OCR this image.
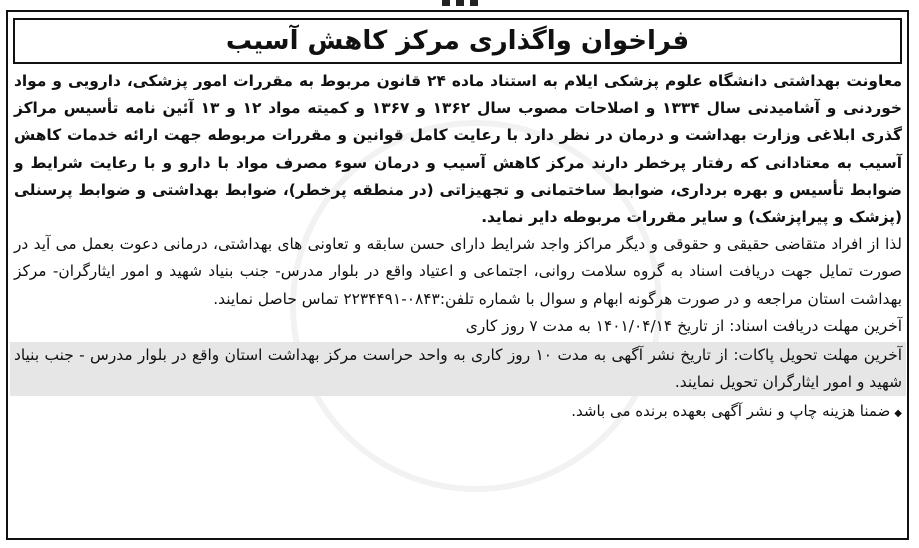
فراخوان واگذاری مرکز کاهش آسیب

معاونت بهداشتی دانشگاه علوم پزشکی ایلام به استناد ماده ۲۴ قانون مربوط به مقررات امور پزشکی، دارویی و مواد خوردنی و آشامیدنی سال ۱۳۳۴ و اصلاحات مصوب سال ۱۳۶۲ و ۱۳۶۷ و کمیته مواد ۱۲ و ۱۳ آئین نامه تأسیس مراکز گذری ابلاغی وزارت بهداشت و درمان در نظر دارد با رعایت کامل قوانین و مقررات مربوطه جهت ارائه خدمات کاهش آسیب به معتادانی که رفتار پرخطر دارند مرکز کاهش آسیب و درمان سوء مصرف مواد با دارو و با رعایت شرایط و ضوابط تأسیس و بهره برداری، ضوابط ساختمانی و تجهیزاتی (در منطقه پرخطر)، ضوابط بهداشتی و ضوابط پرسنلی (پزشک و پیراپزشک) و سایر مقررات مربوطه دایر نماید.

لذا از افراد متقاضی حقیقی و حقوقی و دیگر مراکز واجد شرایط دارای حسن سابقه و تعاونی های بهداشتی، درمانی دعوت بعمل می آید در صورت تمایل جهت دریافت اسناد به گروه سلامت روانی، اجتماعی و اعتیاد واقع در بلوار مدرس- جنب بنیاد شهید و امور ایثارگران- مرکز بهداشت استان مراجعه و در صورت هرگونه ابهام و سوال با شماره تلفن:۰۸۴۳-۲۲۳۴۴۹۱ تماس حاصل نمایند.

آخرین مهلت دریافت اسناد: از تاریخ ۱۴۰۱/۰۴/۱۴ به مدت ۷ روز کاری

آخرین مهلت تحویل پاکات: از تاریخ نشر آگهی به مدت ۱۰ روز کاری به واحد حراست مرکز بهداشت استان واقع در بلوار مدرس - جنب بنیاد شهید و امور ایثارگران تحویل نمایند.

◆ضمنا هزینه چاپ و نشر آگهی بعهده برنده می باشد.
